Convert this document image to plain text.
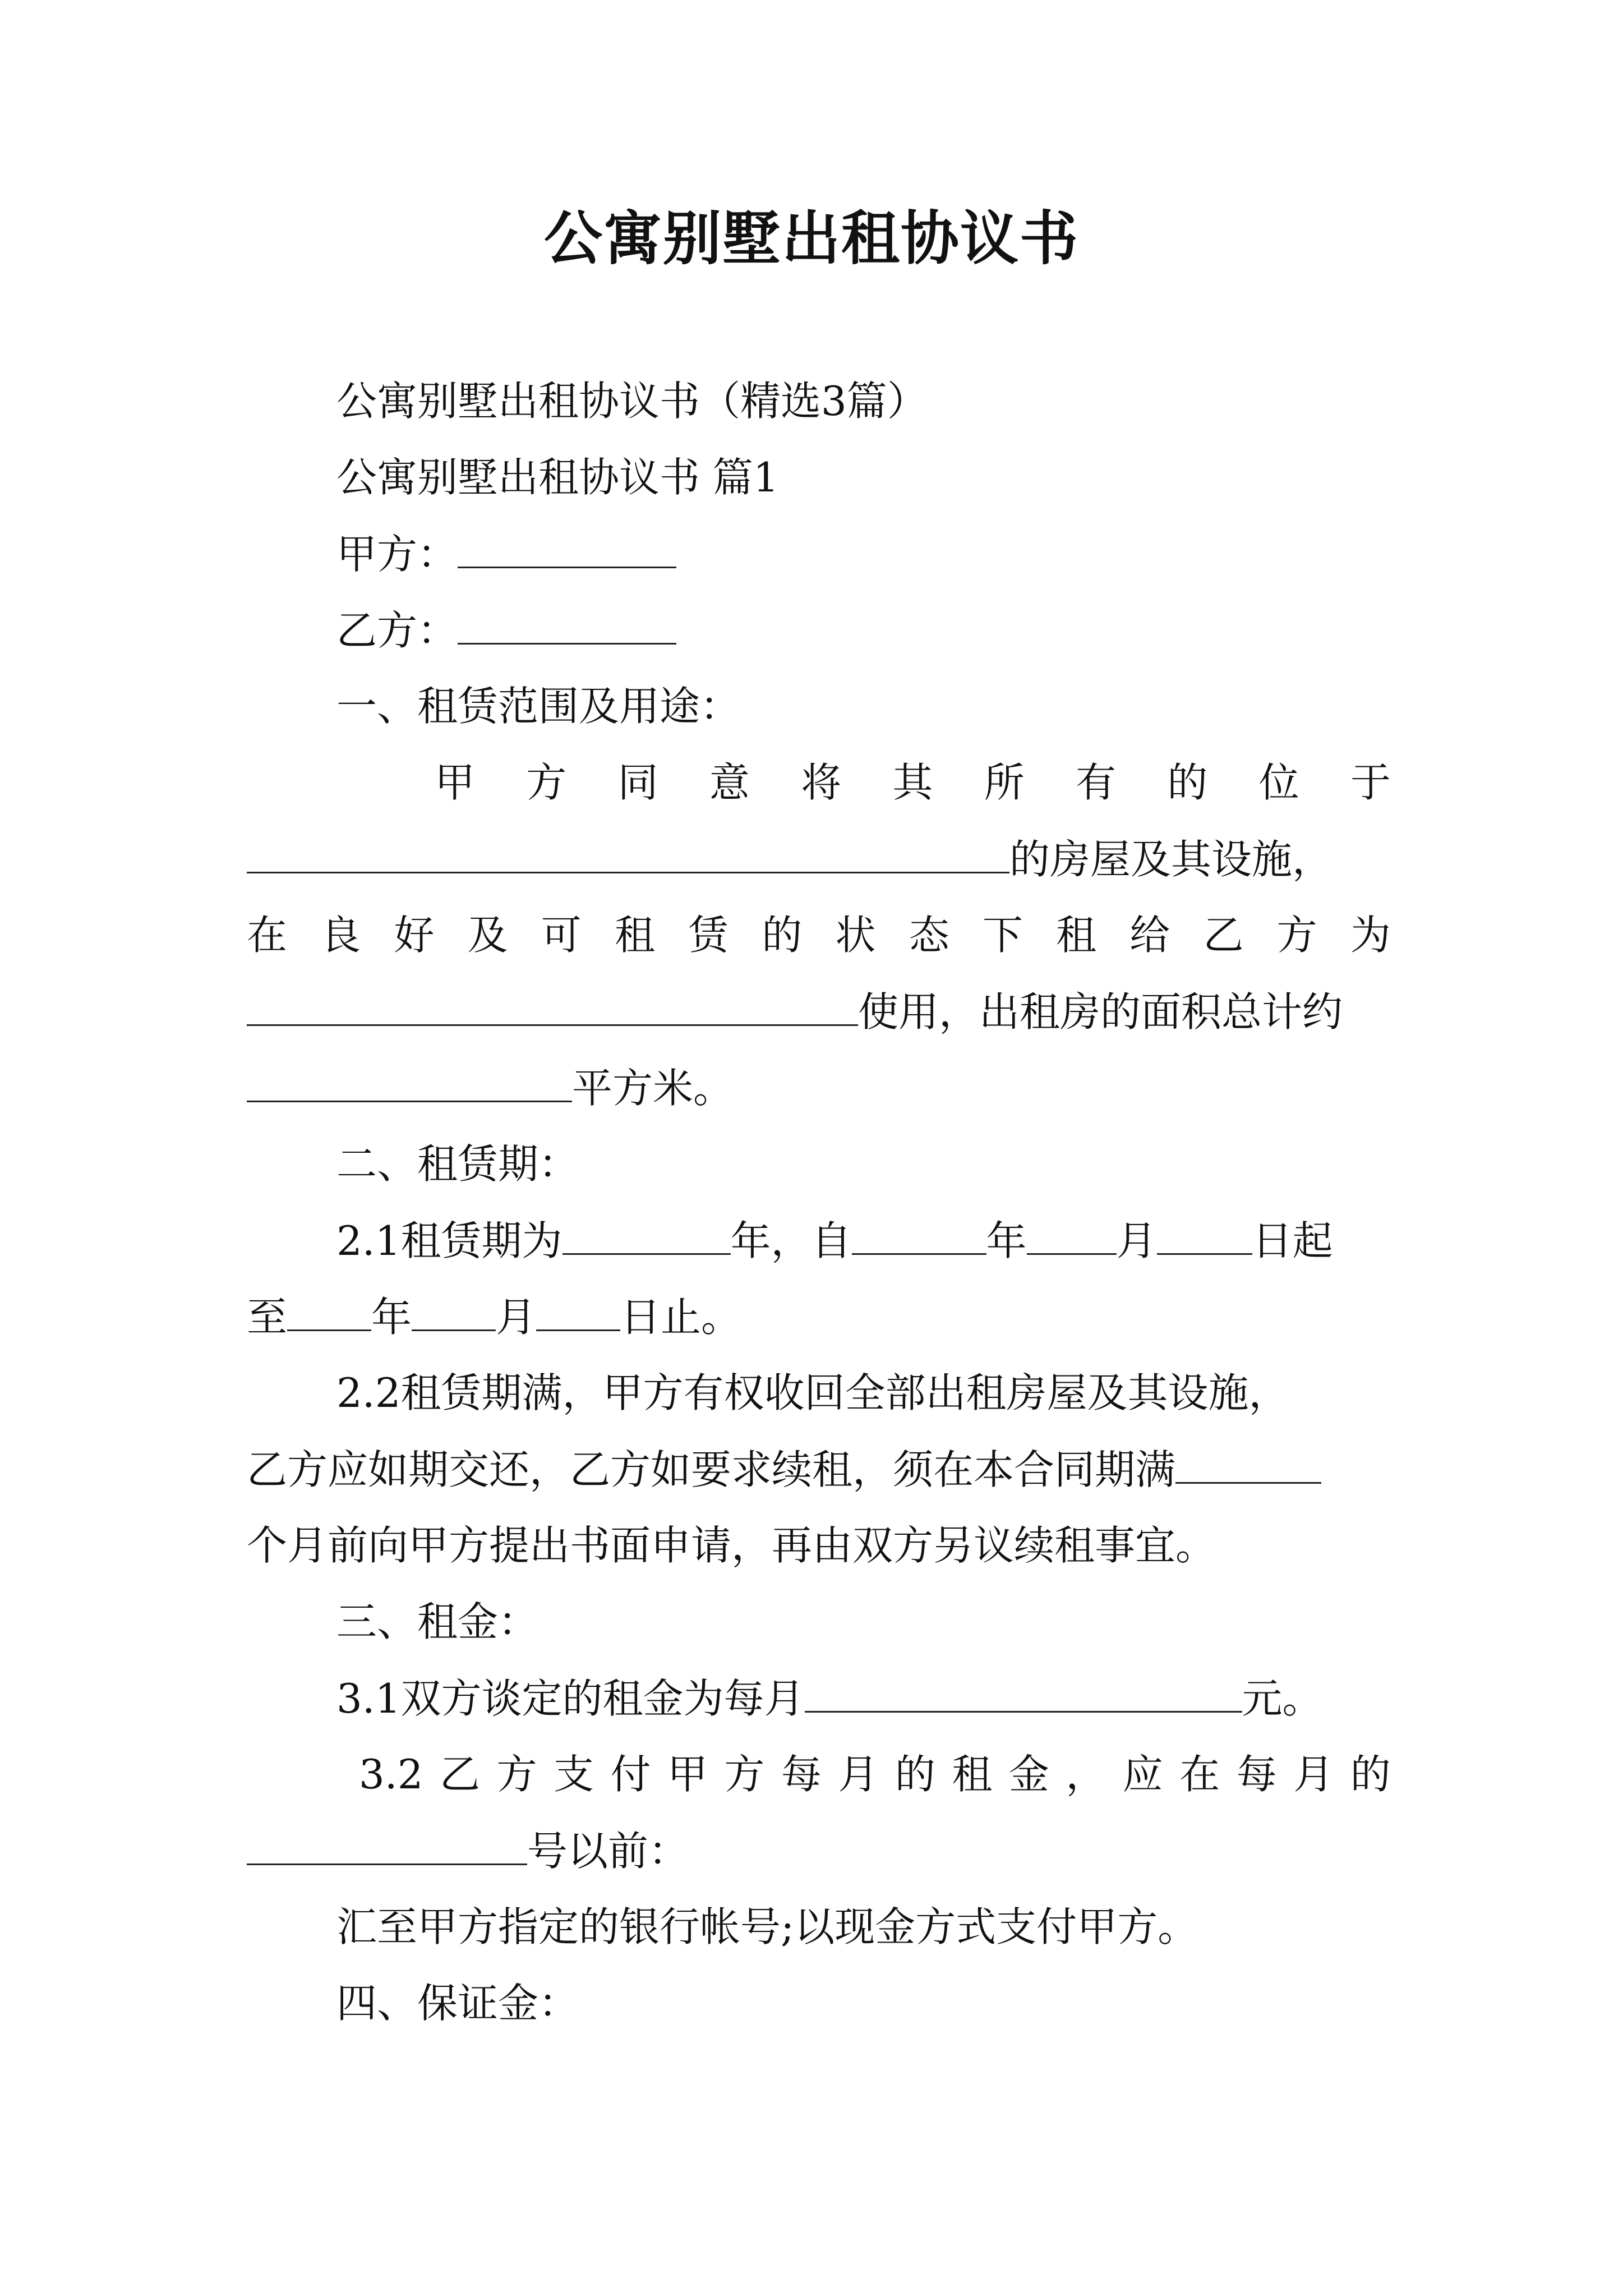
公寓别墅出租协议书
公寓别墅出租协议书（精选3篇）
公寓别墅出租协议书 篇1
甲方：
乙方：
一、租赁范围及用途：
甲 方 同 意 将 其 所 有 的 位 于
的房屋及其设施，
在 良 好 及 可 租 赁 的 状 态 下 租 给 乙 方 为
使用，出租房的面积总计约
平方米。
二、租赁期：
2.1租赁期为	年，自	年 月 日起
至 年 月 日止。
2.2租赁期满，甲方有权收回全部出租房屋及其设施，
乙方应如期交还，乙方如要求续租，须在本合同期满
个月前向甲方提出书面申请，再由双方另议续租事宜。
三、租金：
3.1双方谈定的租金为每月	元。
3.2 乙 方 支 付 甲 方 每 月 的 租 金 ， 应 在 每 月 的
号以前：
汇至甲方指定的银行帐号;以现金方式支付甲方。
四、保证金：
